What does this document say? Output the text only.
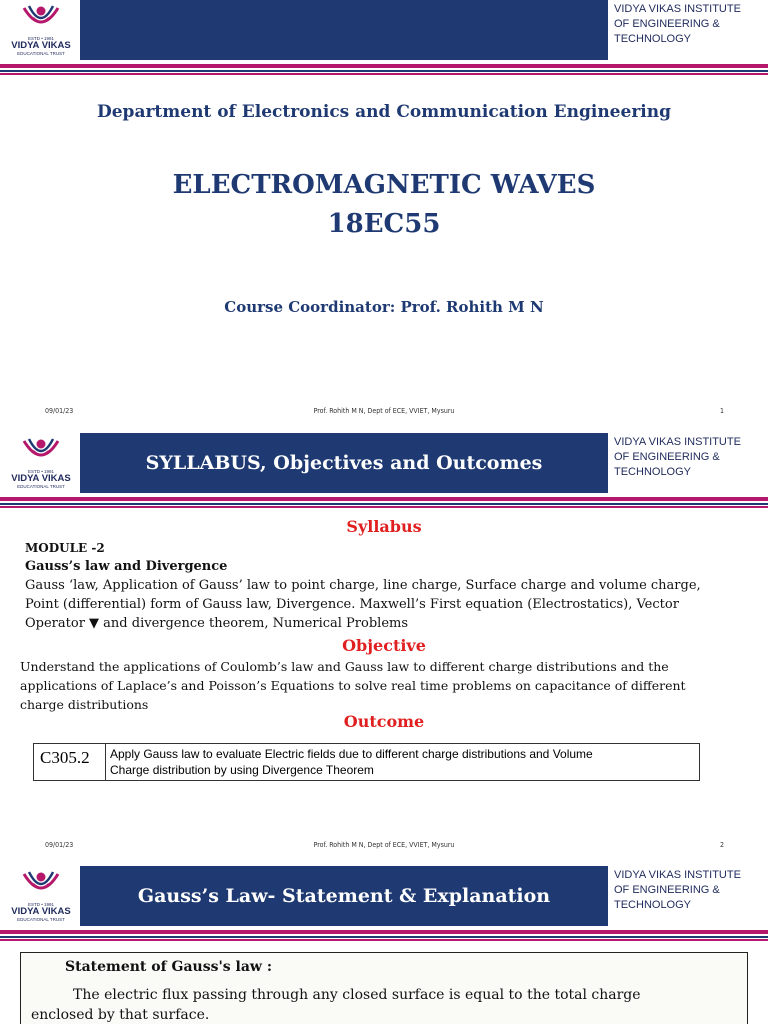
ESTD • 1991
VIDYA VIKAS
EDUCATIONAL TRUST
VIDYA VIKAS INSTITUTE
OF ENGINEERING &
TECHNOLOGY
Department of Electronics and Communication Engineering
ELECTROMAGNETIC WAVES
18EC55
Course Coordinator: Prof. Rohith M N
09/01/23	Prof. Rohith M N, Dept of ECE, VVIET, Mysuru	1
ESTD • 1991
VIDYA VIKAS
EDUCATIONAL TRUST
SYLLABUS, Objectives and Outcomes
VIDYA VIKAS INSTITUTE
OF ENGINEERING &
TECHNOLOGY
Syllabus
MODULE -2
Gauss’s law and Divergence
Gauss ‘law, Application of Gauss’ law to point charge, line charge, Surface charge and volume charge,
Point (differential) form of Gauss law, Divergence. Maxwell’s First equation (Electrostatics), Vector
Operator ▼ and divergence theorem, Numerical Problems
Objective
Understand the applications of Coulomb’s law and Gauss law to different charge distributions and the
applications of Laplace’s and Poisson’s Equations to solve real time problems on capacitance of different
charge distributions
Outcome
09/01/23	Prof. Rohith M N, Dept of ECE, VVIET, Mysuru	2
C305.2	Apply Gauss law to evaluate Electric fields due to different charge distributions and Volume
Charge distribution by using Divergence Theorem
ESTD • 1991
VIDYA VIKAS
EDUCATIONAL TRUST
Gauss’s Law- Statement & Explanation
VIDYA VIKAS INSTITUTE
OF ENGINEERING &
TECHNOLOGY
Statement of Gauss's law :
The electric flux passing through any closed surface is equal to the total charge
enclosed by that surface.
